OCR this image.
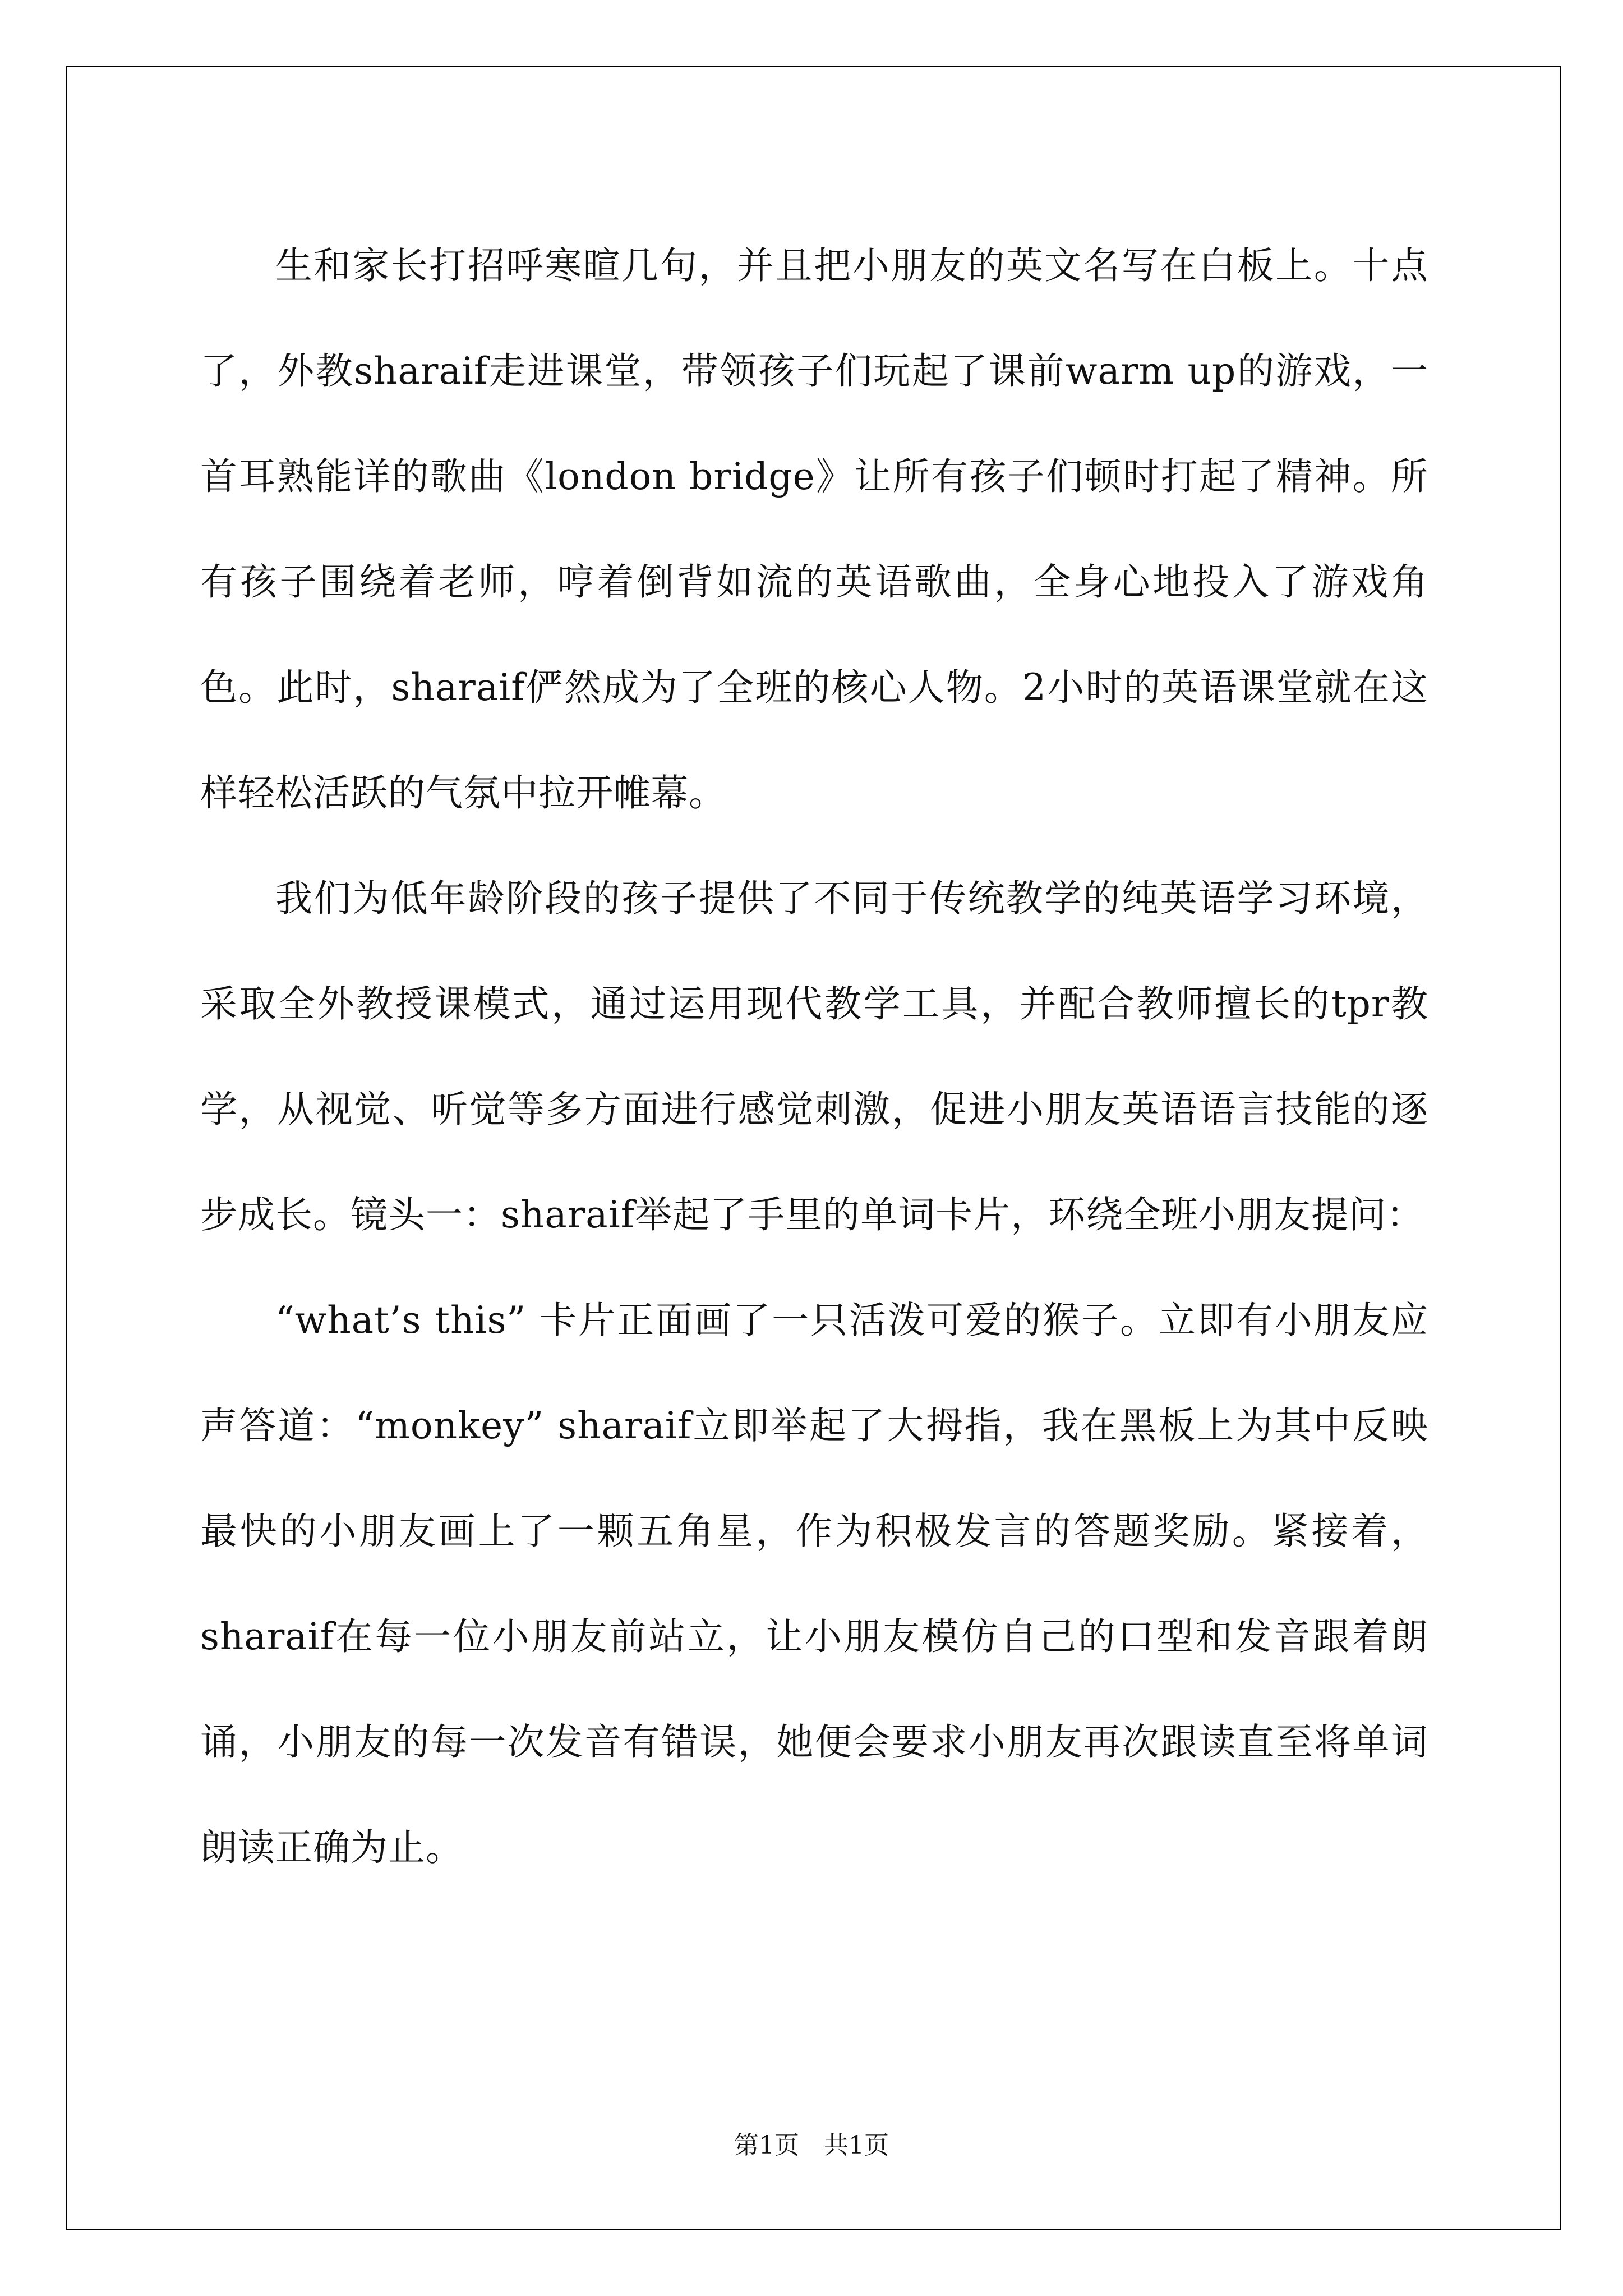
生和家长打招呼寒暄几句，并且把小朋友的英文名写在白板上。十点了，外教sharaif走进课堂，带领孩子们玩起了课前warm up的游戏，一首耳熟能详的歌曲《london bridge》让所有孩子们顿时打起了精神。所有孩子围绕着老师，哼着倒背如流的英语歌曲，全身心地投入了游戏角色。此时，sharaif俨然成为了全班的核心人物。2小时的英语课堂就在这样轻松活跃的气氛中拉开帷幕。

我们为低年龄阶段的孩子提供了不同于传统教学的纯英语学习环境，采取全外教授课模式，通过运用现代教学工具，并配合教师擅长的tpr教学，从视觉、听觉等多方面进行感觉刺激，促进小朋友英语语言技能的逐步成长。镜头一：sharaif举起了手里的单词卡片，环绕全班小朋友提问：

“what’s this” 卡片正面画了一只活泼可爱的猴子。立即有小朋友应声答道：“monkey” sharaif立即举起了大拇指，我在黑板上为其中反映最快的小朋友画上了一颗五角星，作为积极发言的答题奖励。紧接着，sharaif在每一位小朋友前站立，让小朋友模仿自己的口型和发音跟着朗诵，小朋友的每一次发音有错误，她便会要求小朋友再次跟读直至将单词朗读正确为止。

第1页 共1页
